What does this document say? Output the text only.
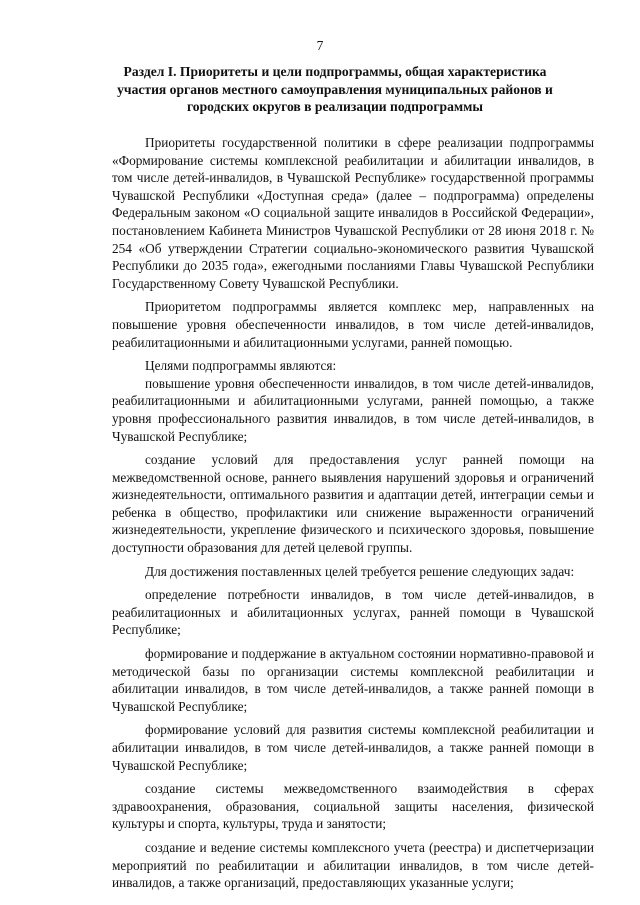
7
Раздел I. Приоритеты и цели подпрограммы, общая характеристика участия органов местного самоуправления муниципальных районов и городских округов в реализации подпрограммы

Приоритеты государственной политики в сфере реализации подпрограммы «Формирование системы комплексной реабилитации и абилитации инвалидов, в том числе детей-инвалидов, в Чувашской Республике» государственной программы Чувашской Республики «Доступная среда» (далее – подпрограмма) определены Федеральным законом «О социальной защите инвалидов в Российской Федерации», постановлением Кабинета Министров Чувашской Республики от 28 июня 2018 г. № 254 «Об утверждении Стратегии социально-экономического развития Чувашской Республики до 2035 года», ежегодными посланиями Главы Чувашской Республики Государственному Совету Чувашской Республики.

Приоритетом подпрограммы является комплекс мер, направленных на повышение уровня обеспеченности инвалидов, в том числе детей-инвалидов, реабилитационными и абилитационными услугами, ранней помощью.

Целями подпрограммы являются:

повышение уровня обеспеченности инвалидов, в том числе детей-инвалидов, реабилитационными и абилитационными услугами, ранней помощью, а также уровня профессионального развития инвалидов, в том числе детей-инвалидов, в Чувашской Республике;

создание условий для предоставления услуг ранней помощи на межведомственной основе, раннего выявления нарушений здоровья и ограничений жизнедеятельности, оптимального развития и адаптации детей, интеграции семьи и ребенка в общество, профилактики или снижение выраженности ограничений жизнедеятельности, укрепление физического и психического здоровья, повышение доступности образования для детей целевой группы.

Для достижения поставленных целей требуется решение следующих задач:

определение потребности инвалидов, в том числе детей-инвалидов, в реабилитационных и абилитационных услугах, ранней помощи в Чувашской Республике;

формирование и поддержание в актуальном состоянии нормативно-правовой и методической базы по организации системы комплексной реабилитации и абилитации инвалидов, в том числе детей-инвалидов, а также ранней помощи в Чувашской Республике;

формирование условий для развития системы комплексной реабилитации и абилитации инвалидов, в том числе детей-инвалидов, а также ранней помощи в Чувашской Республике;

создание системы межведомственного взаимодействия в сферах здравоохранения, образования, социальной защиты населения, физической культуры и спорта, культуры, труда и занятости;

создание и ведение системы комплексного учета (реестра) и диспетчеризации мероприятий по реабилитации и абилитации инвалидов, в том числе детей-инвалидов, а также организаций, предоставляющих указанные услуги;
